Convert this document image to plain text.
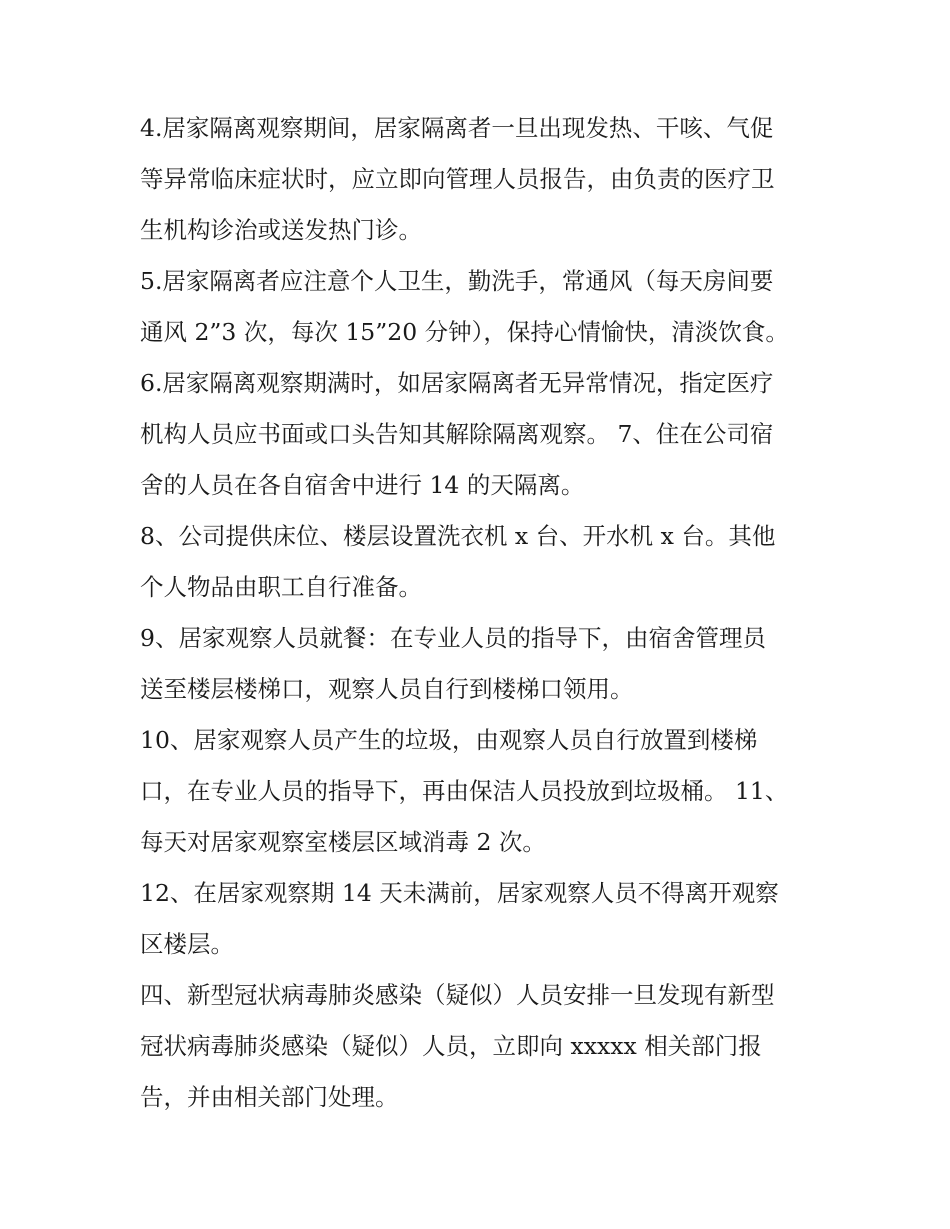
4.居家隔离观察期间，居家隔离者一旦出现发热、干咳、气促
等异常临床症状时，应立即向管理人员报告，由负责的医疗卫
生机构诊治或送发热门诊。

5.居家隔离者应注意个人卫生，勤洗手，常通风（每天房间要
通风 2”3 次，每次 15”20 分钟），保持心情愉快，清淡饮食。

6.居家隔离观察期满时，如居家隔离者无异常情况，指定医疗
机构人员应书面或口头告知其解除隔离观察。 7、住在公司宿
舍的人员在各自宿舍中进行 14 的天隔离。

8、公司提供床位、楼层设置洗衣机 x 台、开水机 x 台。其他
个人物品由职工自行准备。

9、居家观察人员就餐：在专业人员的指导下，由宿舍管理员
送至楼层楼梯口，观察人员自行到楼梯口领用。

10、居家观察人员产生的垃圾，由观察人员自行放置到楼梯
口，在专业人员的指导下，再由保洁人员投放到垃圾桶。 11、
每天对居家观察室楼层区域消毒 2 次。

12、在居家观察期 14 天未满前，居家观察人员不得离开观察
区楼层。

四、新型冠状病毒肺炎感染（疑似）人员安排一旦发现有新型
冠状病毒肺炎感染（疑似）人员，立即向 xxxxx 相关部门报
告，并由相关部门处理。
